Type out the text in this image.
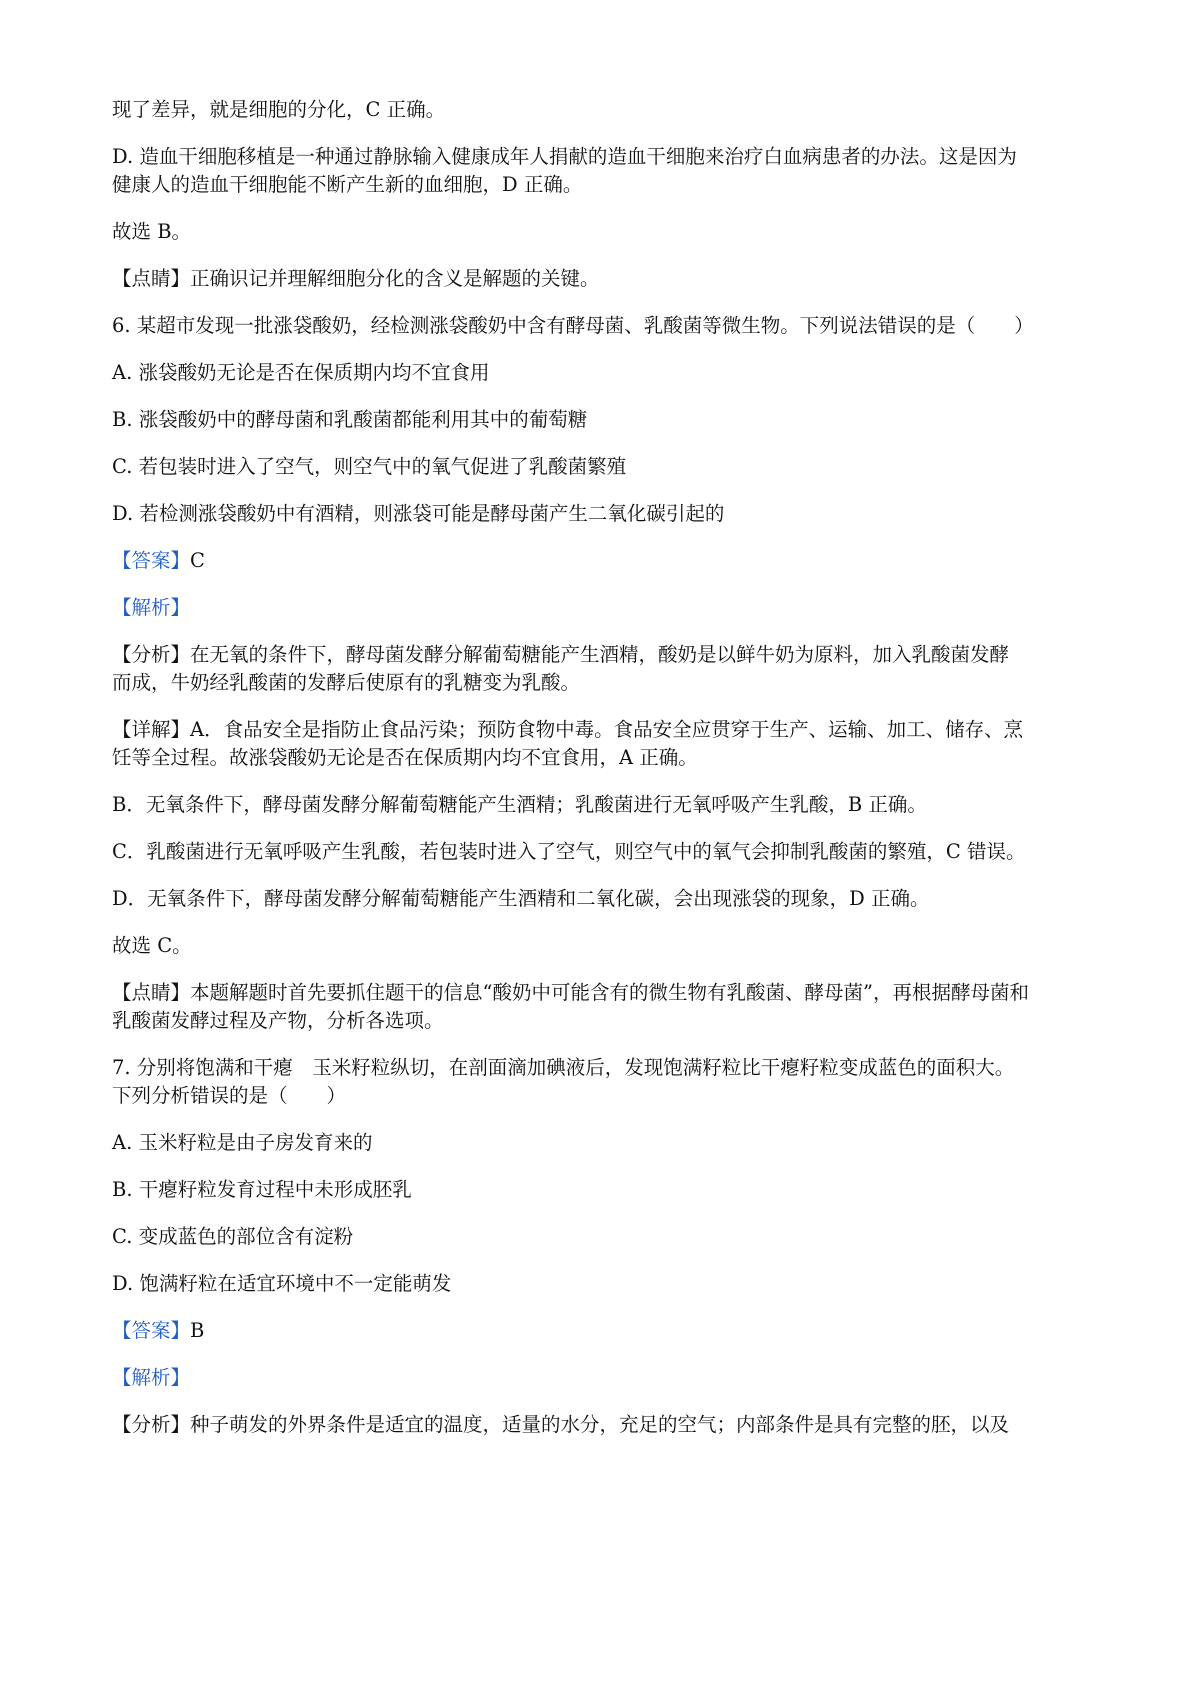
现了差异，就是细胞的分化，C 正确。

D. 造血干细胞移植是一种通过静脉输入健康成年人捐献的造血干细胞来治疗白血病患者的办法。这是因为

健康人的造血干细胞能不断产生新的血细胞，D 正确。

故选 B。

【点睛】正确识记并理解细胞分化的含义是解题的关键。

6. 某超市发现一批涨袋酸奶，经检测涨袋酸奶中含有酵母菌、乳酸菌等微生物。下列说法错误的是（　　）

A. 涨袋酸奶无论是否在保质期内均不宜食用

B. 涨袋酸奶中的酵母菌和乳酸菌都能利用其中的葡萄糖

C. 若包装时进入了空气，则空气中的氧气促进了乳酸菌繁殖

D. 若检测涨袋酸奶中有酒精，则涨袋可能是酵母菌产生二氧化碳引起的

【答案】C

【解析】

【分析】在无氧的条件下，酵母菌发酵分解葡萄糖能产生酒精，酸奶是以鲜牛奶为原料，加入乳酸菌发酵

而成，牛奶经乳酸菌的发酵后使原有的乳糖变为乳酸。

【详解】A．食品安全是指防止食品污染；预防食物中毒。食品安全应贯穿于生产、运输、加工、储存、烹

饪等全过程。故涨袋酸奶无论是否在保质期内均不宜食用，A 正确。

B．无氧条件下，酵母菌发酵分解葡萄糖能产生酒精；乳酸菌进行无氧呼吸产生乳酸，B 正确。

C．乳酸菌进行无氧呼吸产生乳酸，若包装时进入了空气，则空气中的氧气会抑制乳酸菌的繁殖，C 错误。

D．无氧条件下，酵母菌发酵分解葡萄糖能产生酒精和二氧化碳，会出现涨袋的现象，D 正确。

故选 C。

【点睛】本题解题时首先要抓住题干的信息“酸奶中可能含有的微生物有乳酸菌、酵母菌”，再根据酵母菌和

乳酸菌发酵过程及产物，分析各选项。

7. 分别将饱满和干瘪　玉米籽粒纵切，在剖面滴加碘液后，发现饱满籽粒比干瘪籽粒变成蓝色的面积大。

下列分析错误的是（　　）

A. 玉米籽粒是由子房发育来的

B. 干瘪籽粒发育过程中未形成胚乳

C. 变成蓝色的部位含有淀粉

D. 饱满籽粒在适宜环境中不一定能萌发

【答案】B

【解析】

【分析】种子萌发的外界条件是适宜的温度，适量的水分，充足的空气；内部条件是具有完整的胚，以及
